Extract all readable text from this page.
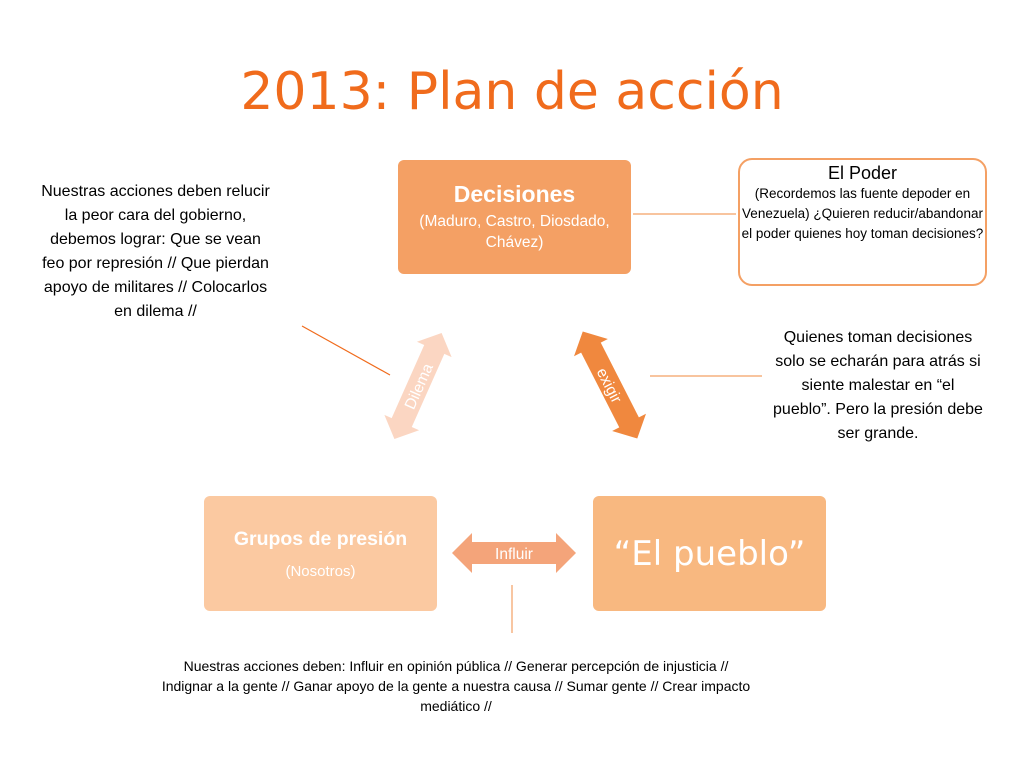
2013: Plan de acción
Dilema	exigir
Influir
Decisiones
(Maduro, Castro, Diosdado, Chávez)
Grupos de presión
(Nosotros)	“El pueblo”
El Poder
(Recordemos las fuente depoder en Venezuela) ¿Quieren reducir/abandonar el poder quienes hoy toman decisiones?
Nuestras acciones deben relucir la peor cara del gobierno, debemos lograr: Que se vean feo por represión // Que pierdan apoyo de militares // Colocarlos en dilema //
Quienes toman decisiones solo se echarán para atrás si siente malestar en “el pueblo”. Pero la presión debe ser grande.
Nuestras acciones deben: Influir en opinión pública // Generar percepción de injusticia // Indignar a la gente // Ganar apoyo de la gente a nuestra causa // Sumar gente // Crear impacto mediático //
